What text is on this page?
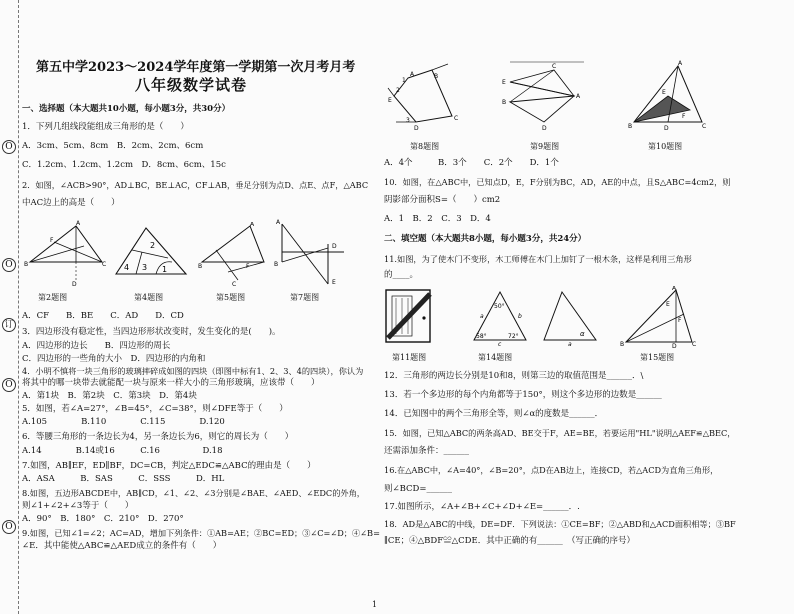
O
O
订
O
O
第五中学2023～2024学年度第一学期第一次月考月考
八年级数学试卷
一、选择题（本大题共10小题，每小题3分，共30分）
1．下列几组线段能组成三角形的是（　　）
A．3cm、5cm、8cm　B．2cm、2cm、6cm
C．1.2cm、1.2cm、1.2cm　D．8cm、6cm、15c
2．如图，∠ACB>90°，AD⊥BC，BE⊥AC，CF⊥AB，垂足分别为点D、点E、点F，△ABC
中AC边上的高是（　　）
B	C
A
F
D
2
4 3 1
A
C
B	F
A
D
E
B
第2题图	第4题图	第5题图	第7题图
A．CF　　B．BE　　C．AD　　D．CD
3．四边形没有稳定性，当四边形形状改变时，发生变化的是(　　)。
A．四边形的边长　　B．四边形的周长
C．四边形的一些角的大小　D．四边形的内角和
4．小明不慎将一块三角形的玻璃摔碎成如图的四块（即图中标有1、2、3、4的四块），你认为
将其中的哪一块带去就能配一块与原来一样大小的三角形玻璃，应该带（　　）
A．第1块　B．第2块　C．第3块　D．第4块
5．如图，若∠A=27°，∠B=45°，∠C=38°，则∠DFE等于（　　）
A.105　　　　B.110　　　　C.115　　　　D.120
6．等腰三角形的一条边长为4，另一条边长为6，则它的周长为（　　）
A.14　　　　B.14或16　　　C.16　　　　　D.18
7.如图，AB∥EF，ED∥BF，DC=CB，判定△EDC≌△ABC的理由是（　　）
A．ASA　　　B．SAS　　　C．SSS　　　D．HL
8.如图，五边形ABCDE中，AB∥CD，∠1、∠2、∠3分别是∠BAE、∠AED、∠EDC的外角，
则∠1+∠2+∠3等于（　　）
A．90°　B．180°　C．210°　D．270°
9.如图，已知∠1=∠2；AC=AD，增加下列条件：①AB=AE；②BC=ED；③∠C=∠D；④∠B=
∠E．其中能使△ABC≌△AED成立的条件有（　　）
A	B
C
D
E
2
1
3
E
B
C
D
A
A
B	C
D
E
F
第8题图	第9题图	第10题图
A．4个　　　B．3个　　C．2个　　D．1个
10．如图，在△ABC中，已知点D，E，F分别为BC，AD，AE的中点，且S△ABC=4cm2，则
阴影部分面积S=（　　）cm2
A．1　B．2　C．3　D．4
二、填空题（本大题共8小题，每小题3分，共24分）
11.如图，为了使木门不变形，木工师傅在木门上加钉了一根木条，这样是利用三角形
的____。
50°
58°	72°
a	b
c
α
a
A
B	C
D
E
F
第11题图	第14题图	第15题图
12．三角形的两边长分别是10和8，则第三边的取值范围是______．\
13．若一个多边形的每个内角都等于150°，则这个多边形的边数是______
14．已知图中的两个三角形全等，则∠α的度数是______．
15．如图，已知△ABC的两条高AD、BE交于F，AE=BE，若要运用"HL"说明△AEF≌△BEC，
还需添加条件：______
16.在△ABC中，∠A=40°，∠B=20°，点D在AB边上，连接CD，若△ACD为直角三角形，
则∠BCD=______
17.如图所示，∠A+∠B+∠C+∠D+∠E=______．.
18．AD是△ABC的中线，DE=DF．下列说法：①CE=BF；②△ABD和△ACD面积相等；③BF
∥CE；④△BDF≌△CDE．其中正确的有______　（写正确的序号）
1
